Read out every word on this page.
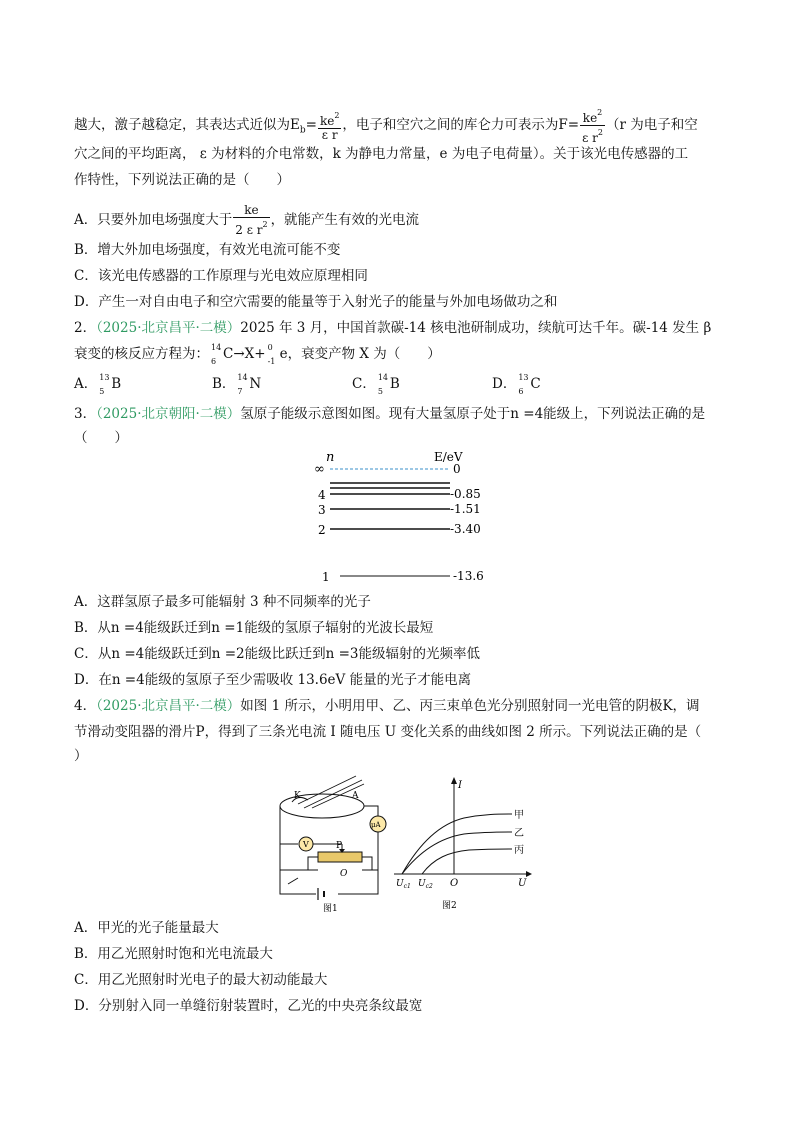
越大，激子越稳定，其表达式近似为$E_b= \frac{ke^2}{\text{ε r}}$ ，电子和空穴之间的库仑力可表示为$F= \frac{ke^2}{\varepsilon r^2} (r$ 为电子和空
穴之间的平均距离， ε 为材料的介电常数，k 为静电力常量，e 为电子电荷量）。关于该光电传感器的工
作特性，下列说法正确的是（　　）
A．只要外加电场强度大于 $\frac{ke}{2 \varepsilon r^2}$ ，就能产生有效的光电流
B．增大外加电场强度，有效光电流可能不变
C．该光电传感器的工作原理与光电效应原理相同
D．产生一对自由电子和空穴需要的能量等于入射光子的能量与外加电场做功之和
2．（2025·北京昌平·二模）2025 年 3 月，中国首款碳-14 核电池研制成功，续航可达千年。碳-14 发生 β
衰变的核反应方程为： 14
6 C→X+ 0
-1 e，衰变产物 X 为（　　）
A． 13
5 B	B． 14
7 N	C． 14
5 B	D． 13
6 C
3．（2025·北京朝阳·二模）氢原子能级示意图如图。现有大量氢原子处于n =4能级上，下列说法正确的是
（　　）
n	E/eV
∞	0
4	-0.85
3	-1.51
2	-3.40
1	-13.6
A．这群氢原子最多可能辐射 3 种不同频率的光子
B．从n =4能级跃迁到n =1能级的氢原子辐射的光波长最短
C．从n =4能级跃迁到n =2能级比跃迁到n =3能级辐射的光频率低
D．在n =4能级的氢原子至少需吸收 13.6eV 能量的光子才能电离
4．（2025·北京昌平·二模）如图 1 所示，小明用甲、乙、丙三束单色光分别照射同一光电管的阴极K，调
节滑动变阻器的滑片P，得到了三条光电流 I 随电压 U 变化关系的曲线如图 2 所示。下列说法正确的是（
）
K	A
μA
V	P
O
图1
I
U
O
甲
乙
丙
$U_{c1}$ $U_{c2}$
图2
A．甲光的光子能量最大
B．用乙光照射时饱和光电流最大
C．用乙光照射时光电子的最大初动能最大
D．分别射入同一单缝衍射装置时，乙光的中央亮条纹最宽
